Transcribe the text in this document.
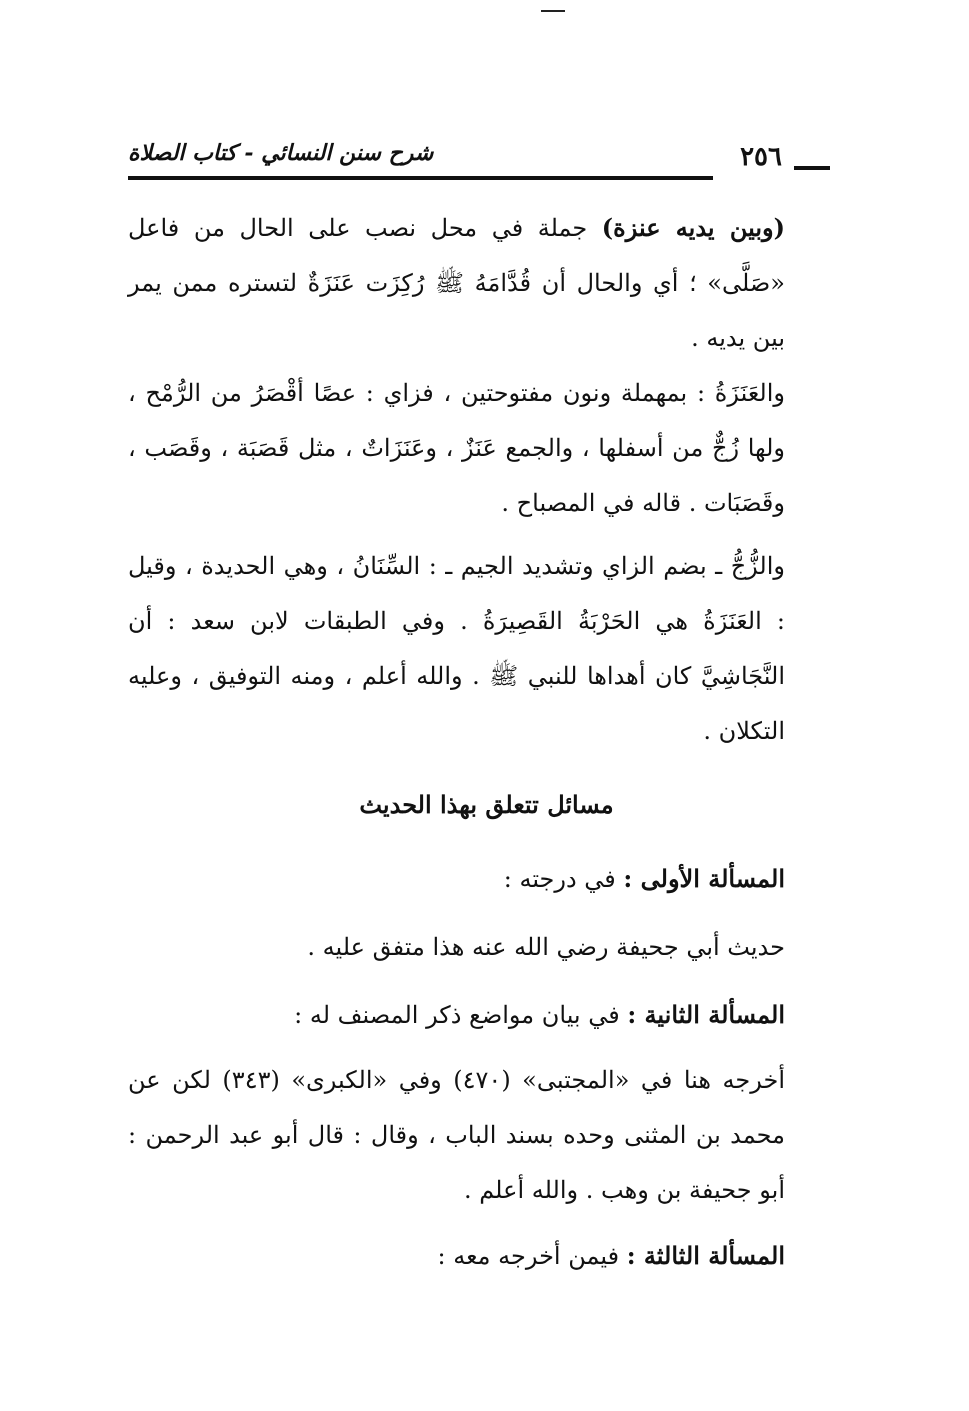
٢٥٦
شرح سنن النسائي - كتاب الصلاة

(وبين يديه عنزة) جملة في محل نصب على الحال من فاعل «صَلَّى» ؛ أي والحال أن قُدَّامَهُ ﷺ رُكِزَت عَنَزَةٌ لتستره ممن يمر بين يديه .

والعَنَزَةُ : بمهملة ونون مفتوحتين ، فزاي : عصًا أقْصَرُ من الرُّمْح ، ولها زُجٌّ من أسفلها ، والجمع عَنَزٌ ، وعَنَزَاتٌ ، مثل قَصَبَة ، وقَصَب ، وقَصَبَات . قاله في المصباح .

والزُّجُّ ـ بضم الزاي وتشديد الجيم ـ : السِّنَانُ ، وهي الحديدة ، وقيل : العَنَزَةُ هي الحَرْبَةُ القَصِيرَةُ . وفي الطبقات لابن سعد : أن النَّجَاشِيَّ كان أهداها للنبي ﷺ . والله أعلم ، ومنه التوفيق ، وعليه التكلان .

مسائل تتعلق بهذا الحديث

المسألة الأولى : في درجته :

حديث أبي جحيفة رضي الله عنه هذا متفق عليه .

المسألة الثانية : في بيان مواضع ذكر المصنف له :

أخرجه هنا في «المجتبى» (٤٧٠) وفي «الكبرى» (٣٤٣) لكن عن محمد بن المثنى وحده بسند الباب ، وقال : قال أبو عبد الرحمن : أبو جحيفة بن وهب . والله أعلم .

المسألة الثالثة : فيمن أخرجه معه :
